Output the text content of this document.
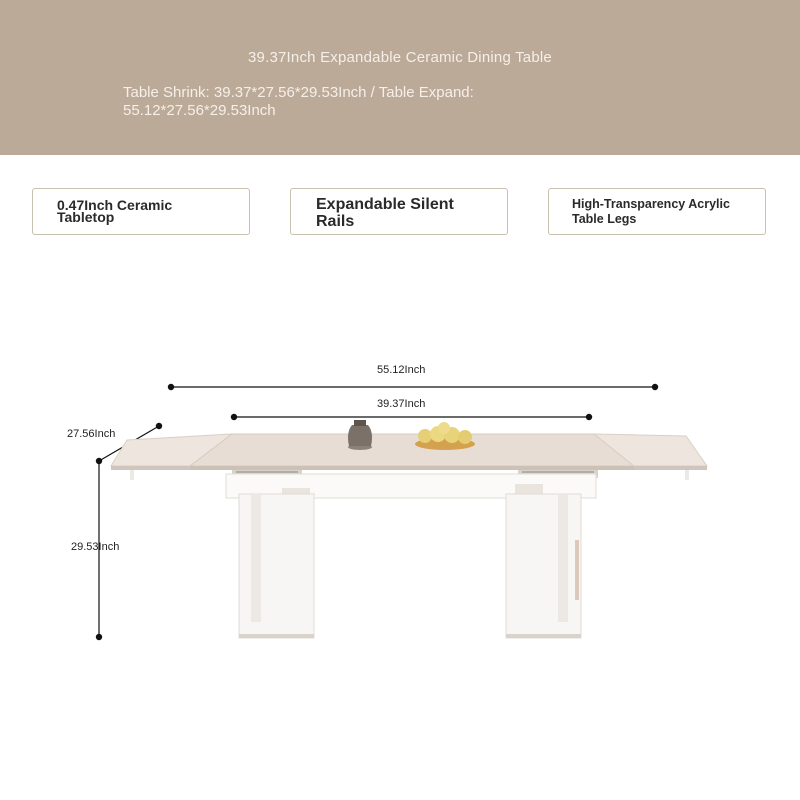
39.37Inch Expandable Ceramic Dining Table
Table Shrink: 39.37*27.56*29.53Inch / Table Expand: 55.12*27.56*29.53Inch
0.47Inch Ceramic Tabletop
Expandable Silent Rails
High-Transparency Acrylic Table Legs
55.12Inch
39.37Inch
27.56Inch
29.53Inch
